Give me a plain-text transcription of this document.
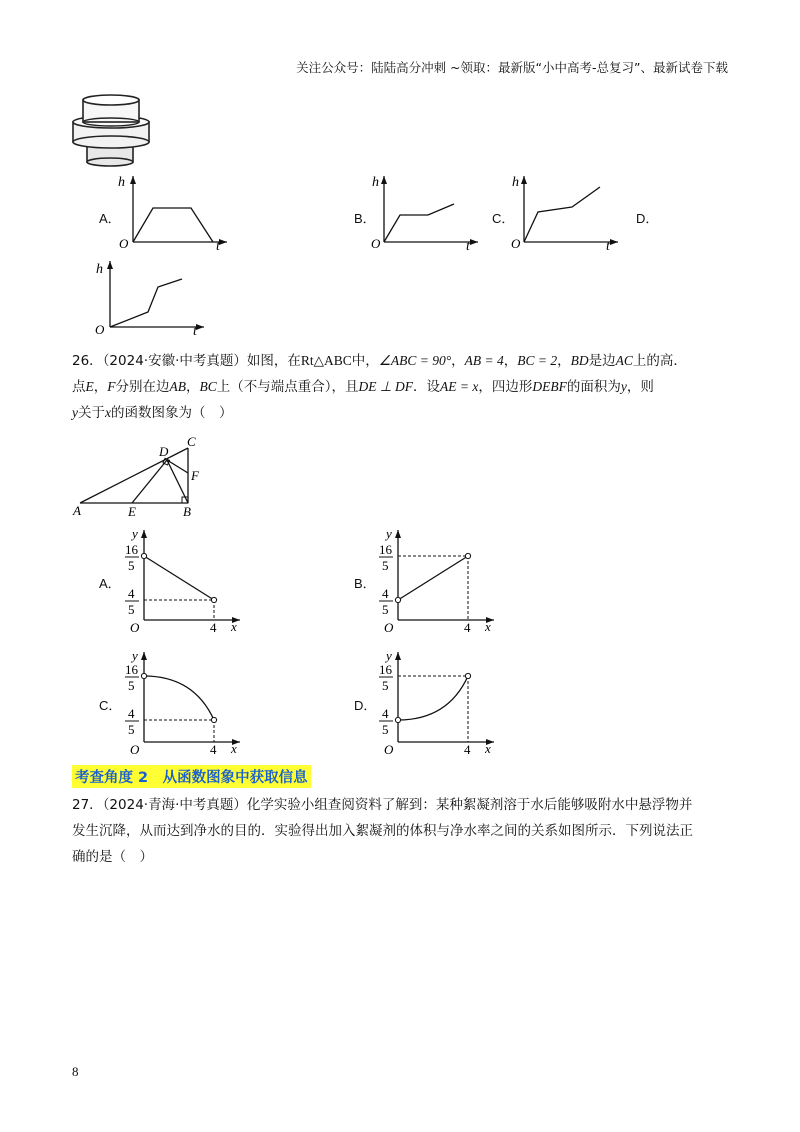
关注公众号：陆陆高分冲刺 ~领取：最新版“小中高考-总复习”、最新试卷下载
A．
h
t
O
B．
h
t
O
C．
h
t
O
D．
h
t
O

26．（2024·安徽·中考真题）如图，在Rt△ABC中，∠ABC = 90°，AB = 4，BC = 2，BD是边AC上的高．

点E，F分别在边AB，BC上（不与端点重合），且DE ⊥ DF．设AE = x，四边形DEBF的面积为y，则

y关于x的函数图象为（　）

A	B
C
D
E
F
A．
y
x
O	4
16
5
4
5
B．
y
x
O	4
16
5
4
5
C．
y
x
O	4
16
5
4
5
D．
y
x
O	4
16
5
4
5
考查角度 2　从函数图象中获取信息

27．（2024·青海·中考真题）化学实验小组查阅资料了解到：某种絮凝剂溶于水后能够吸附水中悬浮物并

发生沉降，从而达到净水的目的．实验得出加入絮凝剂的体积与净水率之间的关系如图所示．下列说法正

确的是（　）

8
